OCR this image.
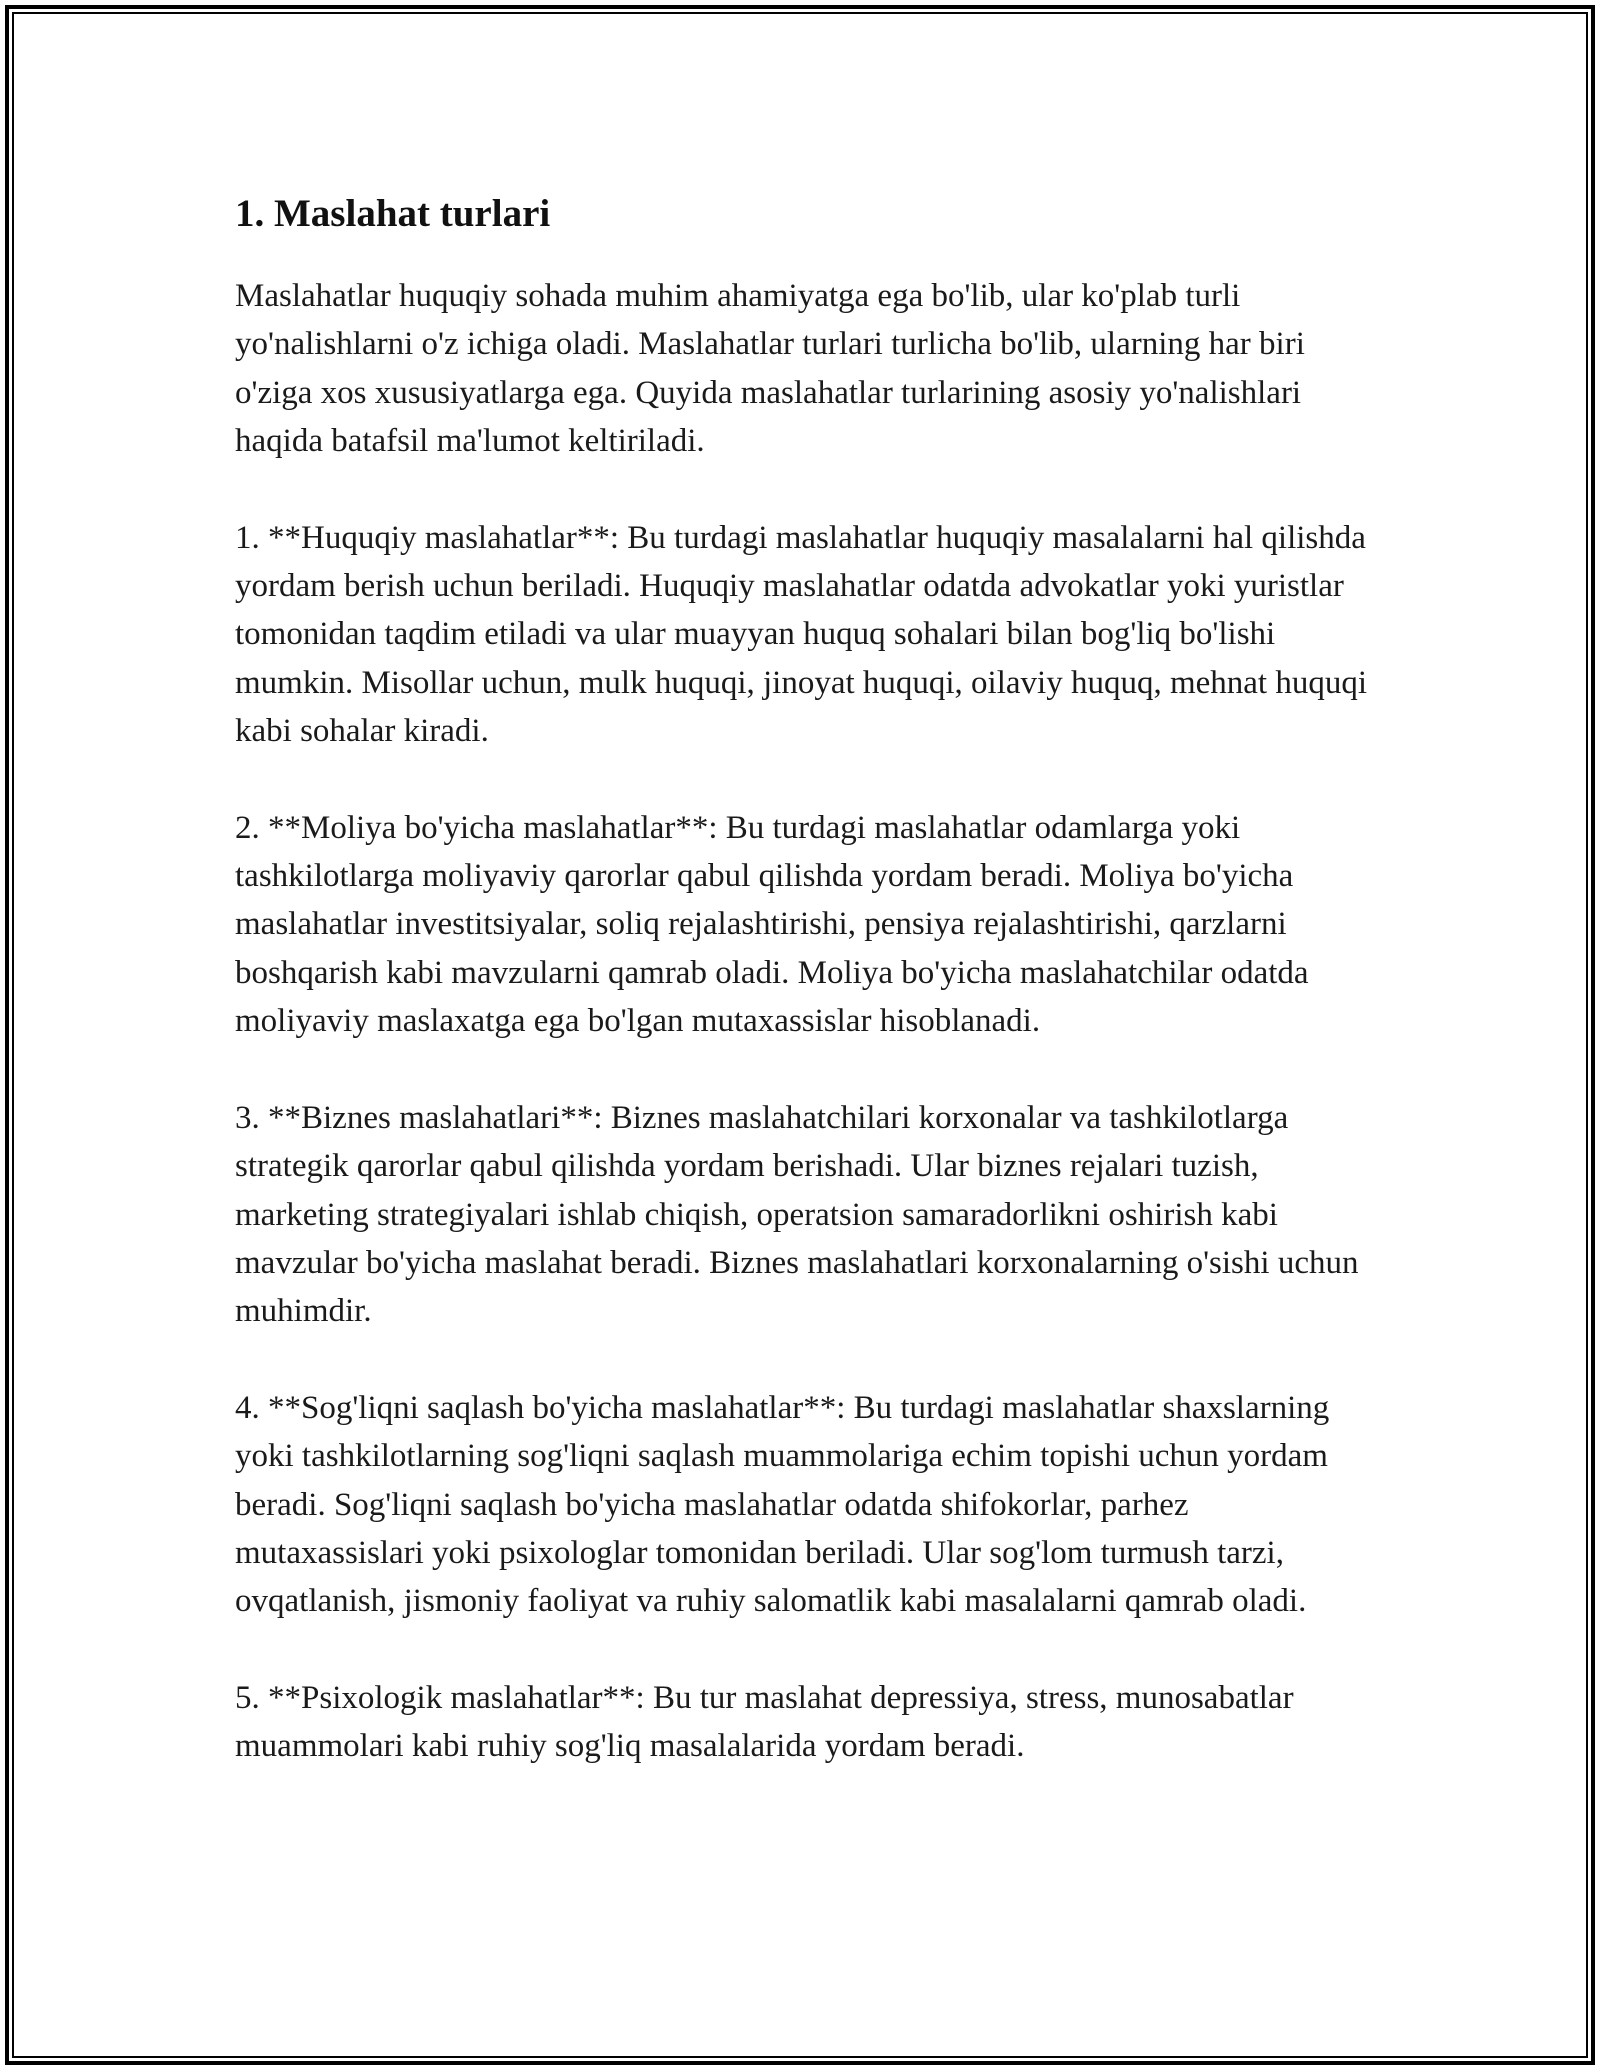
1. Maslahat turlari

Maslahatlar huquqiy sohada muhim ahamiyatga ega bo'lib, ular ko'plab turli yo'nalishlarni o'z ichiga oladi. Maslahatlar turlari turlicha bo'lib, ularning har biri o'ziga xos xususiyatlarga ega. Quyida maslahatlar turlarining asosiy yo'nalishlari haqida batafsil ma'lumot keltiriladi.

1. **Huquqiy maslahatlar**: Bu turdagi maslahatlar huquqiy masalalarni hal qilishda yordam berish uchun beriladi. Huquqiy maslahatlar odatda advokatlar yoki yuristlar tomonidan taqdim etiladi va ular muayyan huquq sohalari bilan bog'liq bo'lishi mumkin. Misollar uchun, mulk huquqi, jinoyat huquqi, oilaviy huquq, mehnat huquqi kabi sohalar kiradi.

2. **Moliya bo'yicha maslahatlar**: Bu turdagi maslahatlar odamlarga yoki tashkilotlarga moliyaviy qarorlar qabul qilishda yordam beradi. Moliya bo'yicha maslahatlar investitsiyalar, soliq rejalashtirishi, pensiya rejalashtirishi, qarzlarni boshqarish kabi mavzularni qamrab oladi. Moliya bo'yicha maslahatchilar odatda moliyaviy maslaxatga ega bo'lgan mutaxassislar hisoblanadi.

3. **Biznes maslahatlari**: Biznes maslahatchilari korxonalar va tashkilotlarga strategik qarorlar qabul qilishda yordam berishadi. Ular biznes rejalari tuzish, marketing strategiyalari ishlab chiqish, operatsion samaradorlikni oshirish kabi mavzular bo'yicha maslahat beradi. Biznes maslahatlari korxonalarning o'sishi uchun muhimdir.

4. **Sog'liqni saqlash bo'yicha maslahatlar**: Bu turdagi maslahatlar shaxslarning yoki tashkilotlarning sog'liqni saqlash muammolariga echim topishi uchun yordam beradi. Sog'liqni saqlash bo'yicha maslahatlar odatda shifokorlar, parhez mutaxassislari yoki psixologlar tomonidan beriladi. Ular sog'lom turmush tarzi, ovqatlanish, jismoniy faoliyat va ruhiy salomatlik kabi masalalarni qamrab oladi.

5. **Psixologik maslahatlar**: Bu tur maslahat depressiya, stress, munosabatlar muammolari kabi ruhiy sog'liq masalalarida yordam beradi.
